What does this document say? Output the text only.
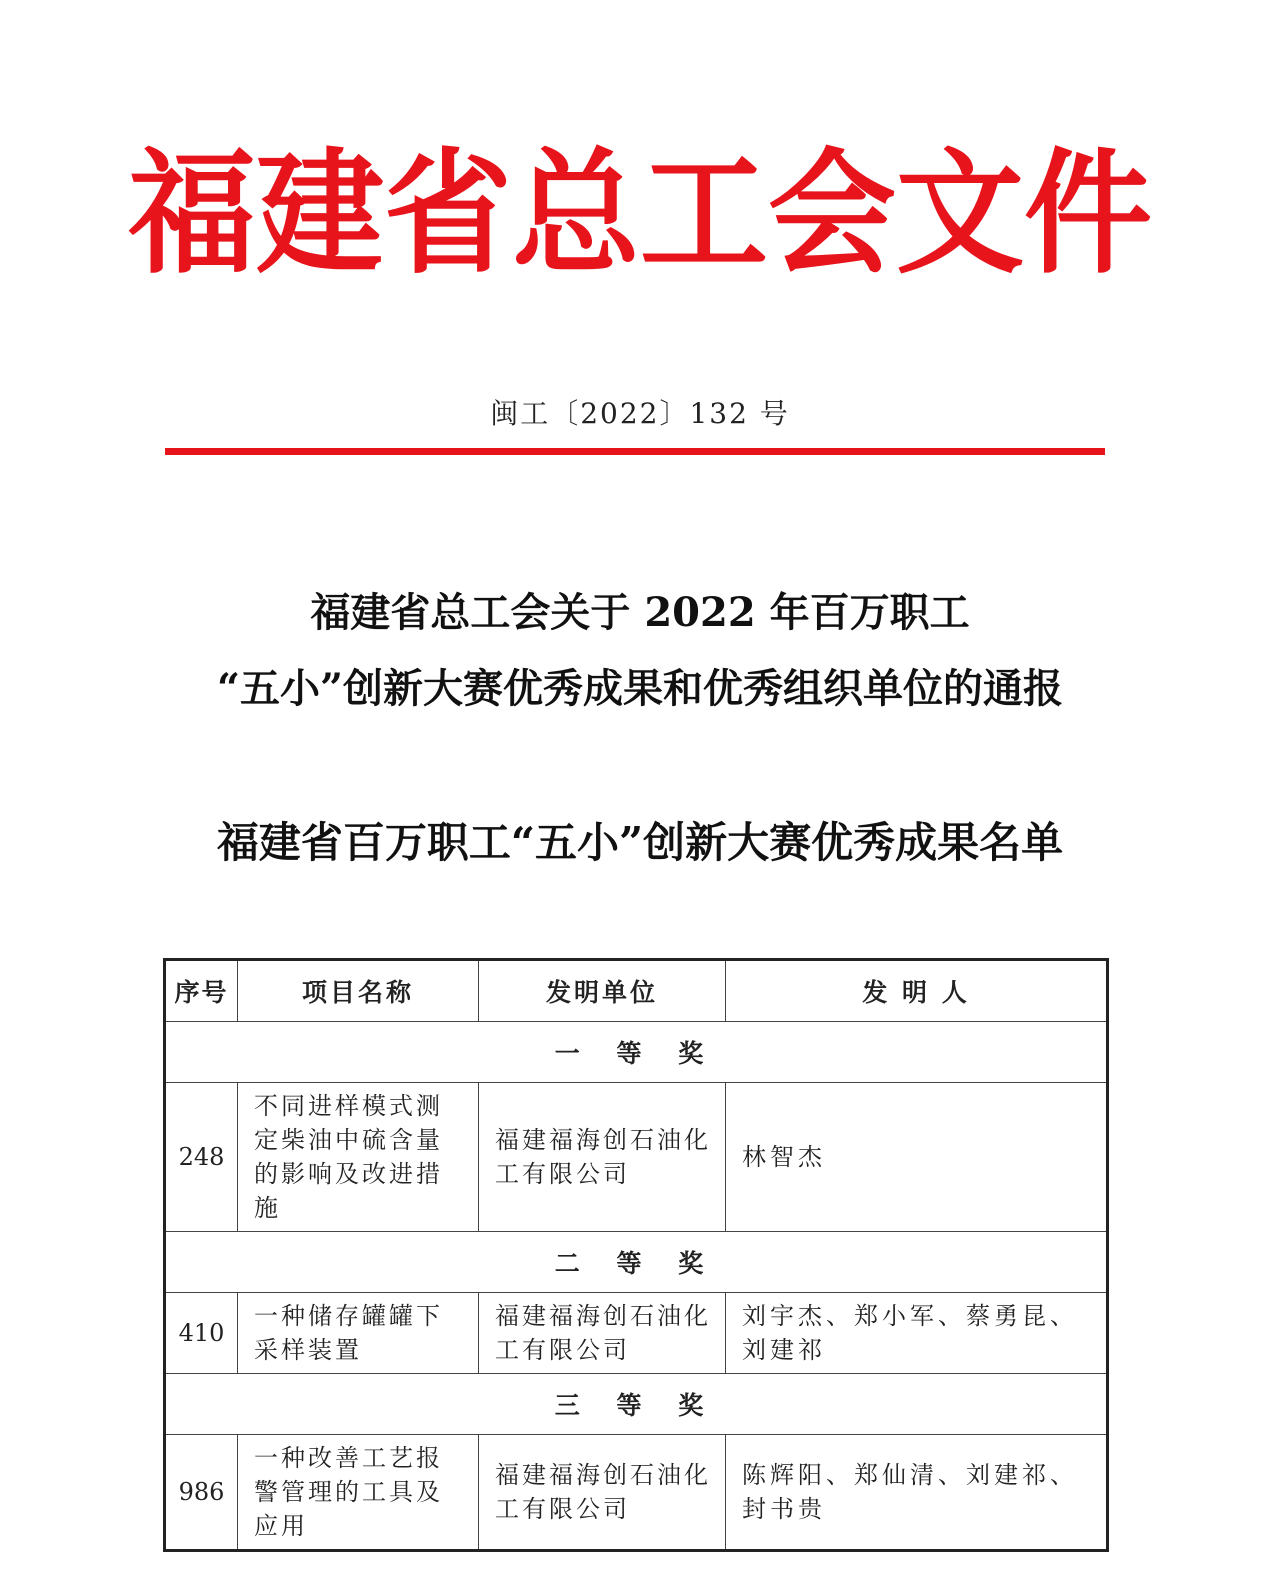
福建省总工会文件
闽工〔2022〕132 号
福建省总工会关于 2022 年百万职工
“五小”创新大赛优秀成果和优秀组织单位的通报
福建省百万职工“五小”创新大赛优秀成果名单
序号	项目名称	发明单位	发 明 人
一 等 奖			
248	不同进样模式测定柴油中硫含量的影响及改进措施	福建福海创石油化工有限公司	林智杰
二 等 奖			
410	一种储存罐罐下采样装置	福建福海创石油化工有限公司	刘宇杰、郑小军、蔡勇昆、刘建祁
三 等 奖			
986	一种改善工艺报警管理的工具及应用	福建福海创石油化工有限公司	陈辉阳、郑仙清、刘建祁、封书贵
